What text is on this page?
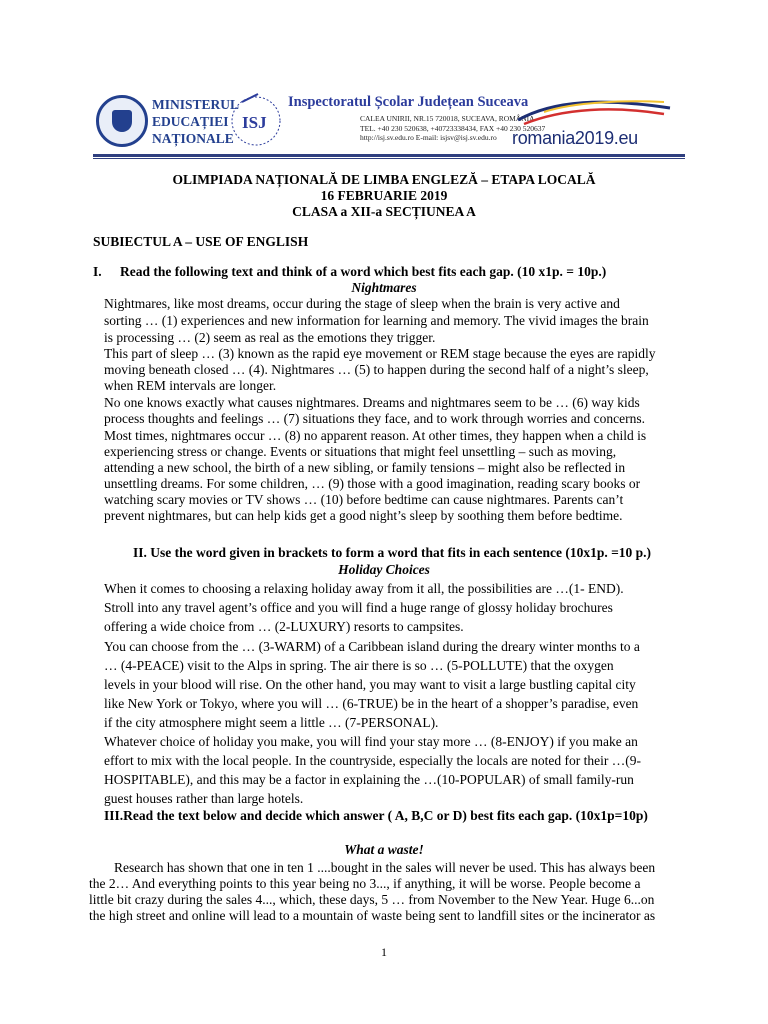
MINISTERUL
EDUCAȚIEI
NAȚIONALE
ISJ
Inspectoratul Școlar Județean Suceava
CALEA UNIRII, NR.15 720018, SUCEAVA, ROMÂNIA
TEL. +40 230 520638, +40723338434, FAX +40 230 520637
http://isj.sv.edu.ro E-mail: isjsv@isj.sv.edu.ro romania2019.eu
OLIMPIADA NAȚIONALĂ DE LIMBA ENGLEZĂ – ETAPA LOCALĂ
16 FEBRUARIE 2019
CLASA a XII-a SECȚIUNEA A
SUBIECTUL A – USE OF ENGLISH
I. Read the following text and think of a word which best fits each gap. (10 x1p. = 10p.)
Nightmares
Nightmares, like most dreams, occur during the stage of sleep when the brain is very active and
sorting … (1) experiences and new information for learning and memory. The vivid images the brain
is processing … (2) seem as real as the emotions they trigger.
This part of sleep … (3) known as the rapid eye movement or REM stage because the eyes are rapidly
moving beneath closed … (4). Nightmares … (5) to happen during the second half of a night’s sleep,
when REM intervals are longer.
No one knows exactly what causes nightmares. Dreams and nightmares seem to be … (6) way kids
process thoughts and feelings … (7) situations they face, and to work through worries and concerns.
Most times, nightmares occur … (8) no apparent reason. At other times, they happen when a child is
experiencing stress or change. Events or situations that might feel unsettling – such as moving,
attending a new school, the birth of a new sibling, or family tensions – might also be reflected in
unsettling dreams. For some children, … (9) those with a good imagination, reading scary books or
watching scary movies or TV shows … (10) before bedtime can cause nightmares. Parents can’t
prevent nightmares, but can help kids get a good night’s sleep by soothing them before bedtime.
II. Use the word given in brackets to form a word that fits in each sentence (10x1p. =10 p.)
Holiday Choices
When it comes to choosing a relaxing holiday away from it all, the possibilities are …(1- END).
Stroll into any travel agent’s office and you will find a huge range of glossy holiday brochures
offering a wide choice from … (2-LUXURY) resorts to campsites.
You can choose from the … (3-WARM) of a Caribbean island during the dreary winter months to a
… (4-PEACE) visit to the Alps in spring. The air there is so … (5-POLLUTE) that the oxygen
levels in your blood will rise. On the other hand, you may want to visit a large bustling capital city
like New York or Tokyo, where you will … (6-TRUE) be in the heart of a shopper’s paradise, even
if the city atmosphere might seem a little … (7-PERSONAL).
Whatever choice of holiday you make, you will find your stay more … (8-ENJOY) if you make an
effort to mix with the local people. In the countryside, especially the locals are noted for their …(9-
HOSPITABLE), and this may be a factor in explaining the …(10-POPULAR) of small family-run
guest houses rather than large hotels.
III.Read the text below and decide which answer ( A, B,C or D) best fits each gap. (10x1p=10p)
What a waste!
Research has shown that one in ten 1 ....bought in the sales will never be used. This has always been
the 2… And everything points to this year being no 3..., if anything, it will be worse. People become a
little bit crazy during the sales 4..., which, these days, 5 … from November to the New Year. Huge 6...on
the high street and online will lead to a mountain of waste being sent to landfill sites or the incinerator as
1
